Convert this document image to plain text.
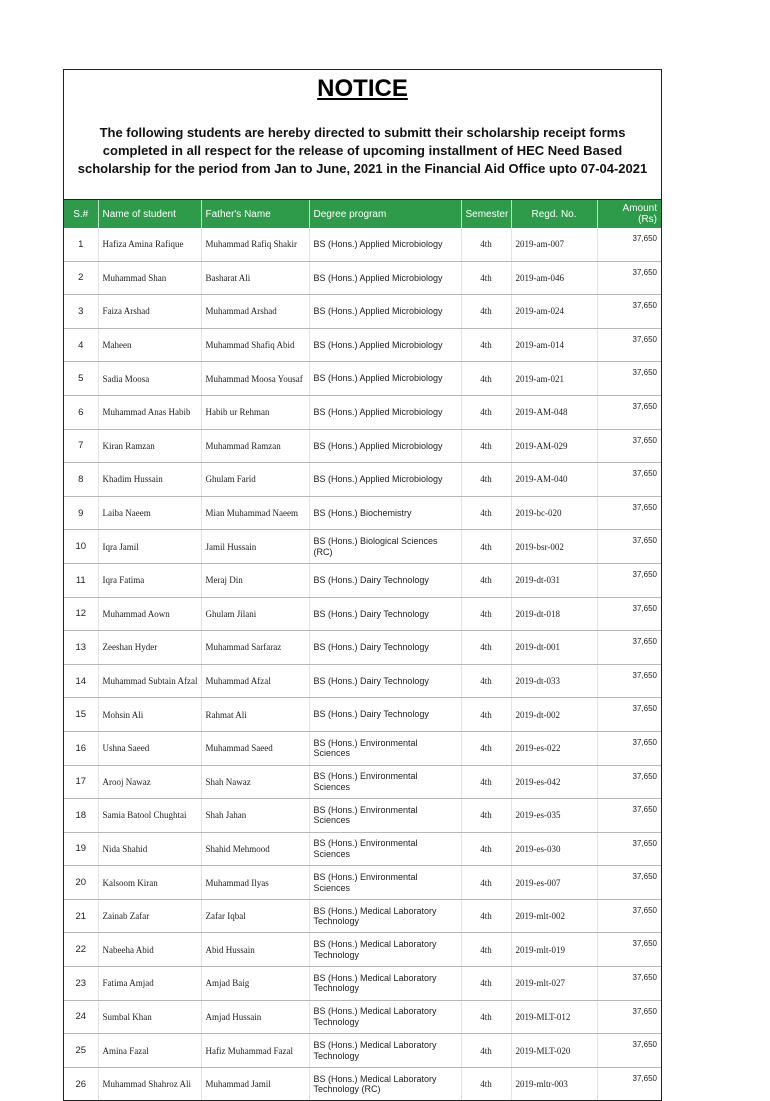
NOTICE
The following students are hereby directed to submitt their scholarship receipt forms completed in all respect for the release of upcoming installment of HEC Need Based scholarship for the period from Jan to June, 2021 in the Financial Aid Office upto 07-04-2021
S.#	Name of student	Father's Name	Degree program	Semester	Regd. No.	Amount (Rs)
1	Hafiza Amina Rafique	Muhammad Rafiq Shakir	BS (Hons.) Applied Microbiology	4th	2019-am-007	37,650
2	Muhammad Shan	Basharat Ali	BS (Hons.) Applied Microbiology	4th	2019-am-046	37,650
3	Faiza Arshad	Muhammad Arshad	BS (Hons.) Applied Microbiology	4th	2019-am-024	37,650
4	Maheen	Muhammad Shafiq Abid	BS (Hons.) Applied Microbiology	4th	2019-am-014	37,650
5	Sadia Moosa	Muhammad Moosa Yousaf	BS (Hons.) Applied Microbiology	4th	2019-am-021	37,650
6	Muhammad Anas Habib	Habib ur Rehman	BS (Hons.) Applied Microbiology	4th	2019-AM-048	37,650
7	Kiran Ramzan	Muhammad Ramzan	BS (Hons.) Applied Microbiology	4th	2019-AM-029	37,650
8	Khadim Hussain	Ghulam Farid	BS (Hons.) Applied Microbiology	4th	2019-AM-040	37,650
9	Laiba Naeem	Mian Muhammad Naeem	BS (Hons.) Biochemistry	4th	2019-bc-020	37,650
10	Iqra Jamil	Jamil Hussain	BS (Hons.) Biological Sciences (RC)	4th	2019-bsr-002	37,650
11	Iqra Fatima	Meraj Din	BS (Hons.) Dairy Technology	4th	2019-dt-031	37,650
12	Muhammad Aown	Ghulam Jilani	BS (Hons.) Dairy Technology	4th	2019-dt-018	37,650
13	Zeeshan Hyder	Muhammad Sarfaraz	BS (Hons.) Dairy Technology	4th	2019-dt-001	37,650
14	Muhammad Subtain Afzal	Muhammad Afzal	BS (Hons.) Dairy Technology	4th	2019-dt-033	37,650
15	Mohsin Ali	Rahmat Ali	BS (Hons.) Dairy Technology	4th	2019-dt-002	37,650
16	Ushna Saeed	Muhammad Saeed	BS (Hons.) Environmental Sciences	4th	2019-es-022	37,650
17	Arooj Nawaz	Shah Nawaz	BS (Hons.) Environmental Sciences	4th	2019-es-042	37,650
18	Samia Batool Chughtai	Shah Jahan	BS (Hons.) Environmental Sciences	4th	2019-es-035	37,650
19	Nida Shahid	Shahid Mehmood	BS (Hons.) Environmental Sciences	4th	2019-es-030	37,650
20	Kalsoom Kiran	Muhammad Ilyas	BS (Hons.) Environmental Sciences	4th	2019-es-007	37,650
21	Zainab Zafar	Zafar Iqbal	BS (Hons.) Medical Laboratory Technology	4th	2019-mlt-002	37,650
22	Nabeeha Abid	Abid Hussain	BS (Hons.) Medical Laboratory Technology	4th	2019-mlt-019	37,650
23	Fatima Amjad	Amjad Baig	BS (Hons.) Medical Laboratory Technology	4th	2019-mlt-027	37,650
24	Sumbal Khan	Amjad Hussain	BS (Hons.) Medical Laboratory Technology	4th	2019-MLT-012	37,650
25	Amina Fazal	Hafiz Muhammad Fazal	BS (Hons.) Medical Laboratory Technology	4th	2019-MLT-020	37,650
26	Muhammad Shahroz Ali	Muhammad Jamil	BS (Hons.) Medical Laboratory Technology (RC)	4th	2019-mltr-003	37,650
